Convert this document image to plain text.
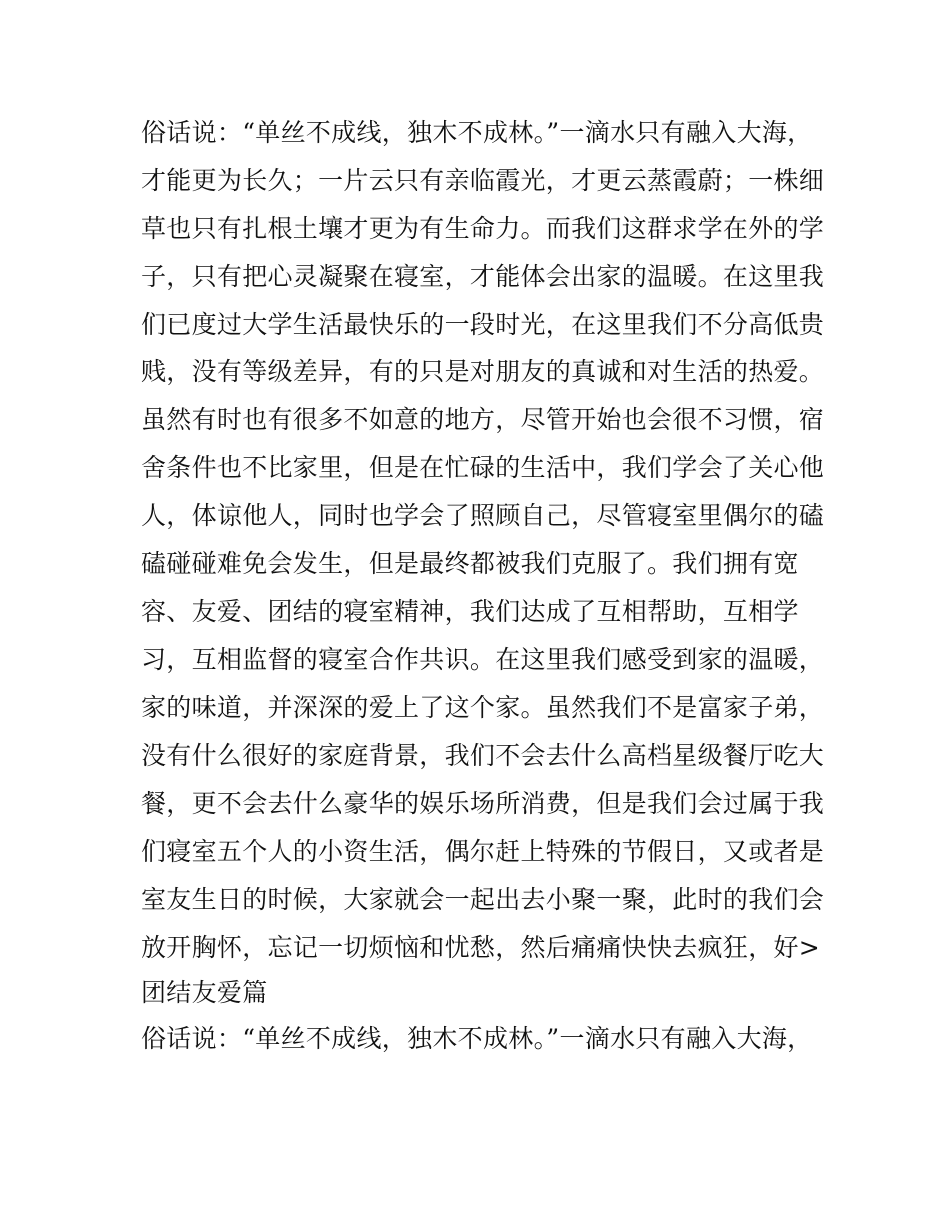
俗话说：“单丝不成线，独木不成林。”一滴水只有融入大海，
才能更为长久；一片云只有亲临霞光，才更云蒸霞蔚；一株细
草也只有扎根土壤才更为有生命力。而我们这群求学在外的学
子，只有把心灵凝聚在寝室，才能体会出家的温暖。在这里我
们已度过大学生活最快乐的一段时光，在这里我们不分高低贵
贱，没有等级差异，有的只是对朋友的真诚和对生活的热爱。
虽然有时也有很多不如意的地方，尽管开始也会很不习惯，宿
舍条件也不比家里，但是在忙碌的生活中，我们学会了关心他
人，体谅他人，同时也学会了照顾自己，尽管寝室里偶尔的磕
磕碰碰难免会发生，但是最终都被我们克服了。我们拥有宽
容、友爱、团结的寝室精神，我们达成了互相帮助，互相学
习，互相监督的寝室合作共识。在这里我们感受到家的温暖，
家的味道，并深深的爱上了这个家。虽然我们不是富家子弟，
没有什么很好的家庭背景，我们不会去什么高档星级餐厅吃大
餐，更不会去什么豪华的娱乐场所消费，但是我们会过属于我
们寝室五个人的小资生活，偶尔赶上特殊的节假日，又或者是
室友生日的时候，大家就会一起出去小聚一聚，此时的我们会
放开胸怀，忘记一切烦恼和忧愁，然后痛痛快快去疯狂，好>
团结友爱篇
俗话说：“单丝不成线，独木不成林。”一滴水只有融入大海，
